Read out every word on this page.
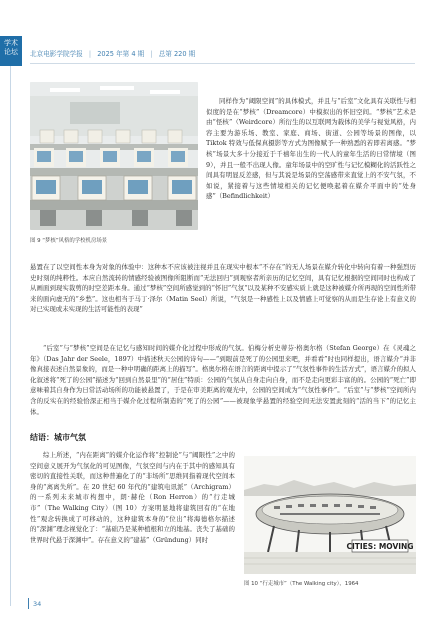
学术
论坛	北京电影学院学报 | 2025 年第 4 期 | 总第 220 期
图 9 “梦核”风格的学校机房场景

同样作为“阈限空间”的具体模式，并且与“后室”文化具有关联性与相似度的是在“梦核”（Dreamcore）中模拟出的怀旧空间。“梦核”艺术是由“怪核”（Weirdcore）所衍生的以互联网为载体的美学与视觉风格，内容主要为游乐场、教室、家庭、商场、街道、公园等场景的图像，以Tiktok 特效与低保真摄影等方式为图像赋予一种熟悉的若即若离感。“梦核”场景大多十分接近于千禧年出生的一代人的童年生活的日常情境（图 9），并且一般不出现人像。童年场景中的空旷性与记忆模糊化的活跃性之间具有明显反差感，但与其说是场景的空荡感带来直觉上的不安气氛，不如说，紧接着与这些情境相关的记忆便唤起着在媒介平面中的“处身感”（Befindlichkeit）

悬置在了以空间性本身为对象的体验中：这种本不应该被注视并且在现实中根本“不存在”的无人场景在媒介转化中转向有着一种强烈历史时刻的纯粹性。本应自然流转的情感经验被图像所阻断而“无法回归”到观察者所亲历的记忆空间，具有记忆根据的空间同时也构成了从画面到现实裁剪的时空差距本身。通过“梦核”空间所感觉到的“怀旧”气氛“以及某种不安感实质上就是这种被媒介所再现的空间性所带来的面向虚无的“乡愁”。这也相当于马丁·泽尔（Matin Seel）所说，“气氛是一种感性上以及情感上可觉察的从而是生存论上有意义的对已实现或未实现的生活可能性的表现”

“后室”与“梦核”空间是在记忆与感知时间的媒介化过程中形成的气氛。伯梅分析史蒂芬·格奥尔格（Stefan George）在《灵魂之年》（Das Jahr der Seele，1897）中描述秋天公园的诗句——“到眼前是死了的公园里来吧，并看看”时也同样提出，语言媒介“并非像真接表述自然景象的，而是一种中明确的距离上的描写”。格奥尔格在语言的距离中提示了“气氛性事件的生活方式”，语言媒介的拟人化叙述将“死了的公园”描述为“回到自然景里”的“居住”特质：公园的气氛从自身走向自身，而不是走向更彩丰富的的。公园的“死亡”即意味着其自身作为日常活动场所的功能被悬置了，于是在审美距离的观光中，公园的空间成为“气氛性事件”。“后室”与“梦核”空间所内含的反实在的经验恰深正相当于媒介化过程所制造的“死了的公园”——被现象学悬置的经验空间无法安置此刻的“活的当下”的记忆主体。

结语：城市气氛

综上所述，“内在距离”的媒介化运作将“控制论”与“阈限性”之中的空间意义展开为气氛化的可见图像，气氛空间与内在于其中的感知具有密切的直接性关联，而这种普遍化了的“非场所”思维同指着现代空间本身的“离离失所”。在 20 世纪 60 年代的“建筑电讯派”（Archigram）的一系列未来城市构想中，朗·赫伦（Ron Herron）的“行走城市”（The Walking City）（图 10）方案明显地将建筑回有的“在地性”观念转换成了可移动的，这种建筑本身的“位出”将海德格尔描述的“深渊”理念视觉化了：“基础乃是某种植根和立的地基。丧失了基础的世界时代悬于深渊中”。存在意义的“建基”（Gründung）同时

CITIES: MOVING
图 10 “行走城市”（The Walking city），1964
34
